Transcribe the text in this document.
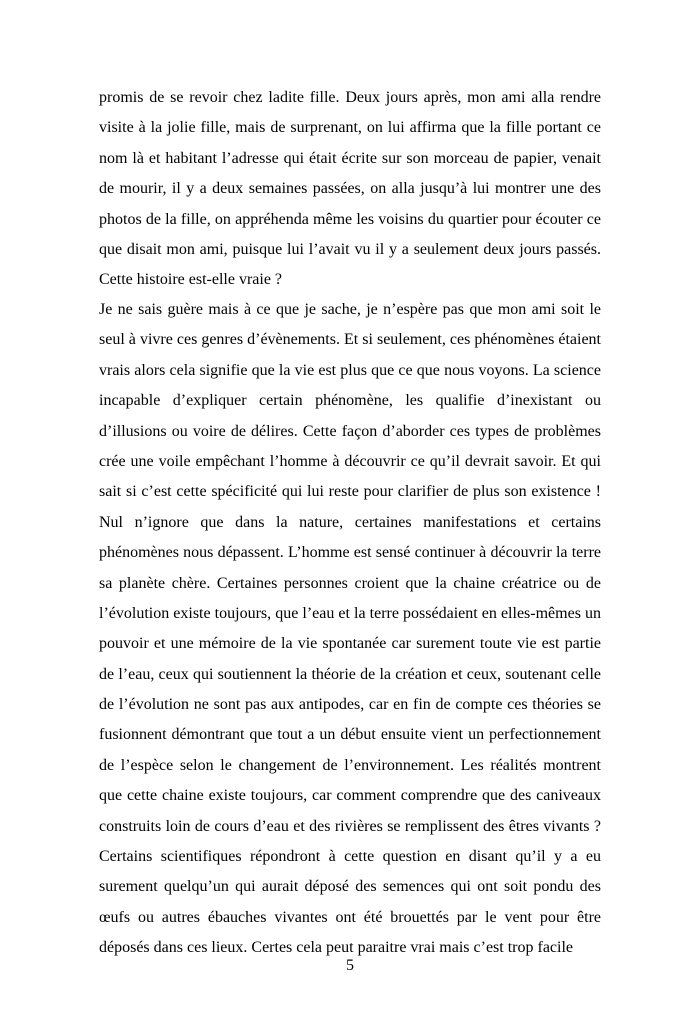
promis de se revoir chez ladite fille. Deux jours après, mon ami alla rendre
visite à la jolie fille, mais de surprenant, on lui affirma que la fille portant ce
nom là et habitant l’adresse qui était écrite sur son morceau de papier, venait
de mourir, il y a deux semaines passées, on alla jusqu’à lui montrer une des
photos de la fille, on appréhenda même les voisins du quartier pour écouter ce
que disait mon ami, puisque lui l’avait vu il y a seulement deux jours passés.
Cette histoire est-elle vraie ?
Je ne sais guère mais à ce que je sache, je n’espère pas que mon ami soit le
seul à vivre ces genres d’évènements. Et si seulement, ces phénomènes étaient
vrais alors cela signifie que la vie est plus que ce que nous voyons. La science
incapable d’expliquer certain phénomène, les qualifie d’inexistant ou
d’illusions ou voire de délires. Cette façon d’aborder ces types de problèmes
crée une voile empêchant l’homme à découvrir ce qu’il devrait savoir. Et qui
sait si c’est cette spécificité qui lui reste pour clarifier de plus son existence !
Nul n’ignore que dans la nature, certaines manifestations et certains
phénomènes nous dépassent. L’homme est sensé continuer à découvrir la terre
sa planète chère. Certaines personnes croient que la chaine créatrice ou de
l’évolution existe toujours, que l’eau et la terre possédaient en elles-mêmes un
pouvoir et une mémoire de la vie spontanée car surement toute vie est partie
de l’eau, ceux qui soutiennent la théorie de la création et ceux, soutenant celle
de l’évolution ne sont pas aux antipodes, car en fin de compte ces théories se
fusionnent démontrant que tout a un début ensuite vient un perfectionnement
de l’espèce selon le changement de l’environnement. Les réalités montrent
que cette chaine existe toujours, car comment comprendre que des caniveaux
construits loin de cours d’eau et des rivières se remplissent des êtres vivants ?
Certains scientifiques répondront à cette question en disant qu’il y a eu
surement quelqu’un qui aurait déposé des semences qui ont soit pondu des
œufs ou autres ébauches vivantes ont été brouettés par le vent pour être
déposés dans ces lieux. Certes cela peut paraitre vrai mais c’est trop facile
5
